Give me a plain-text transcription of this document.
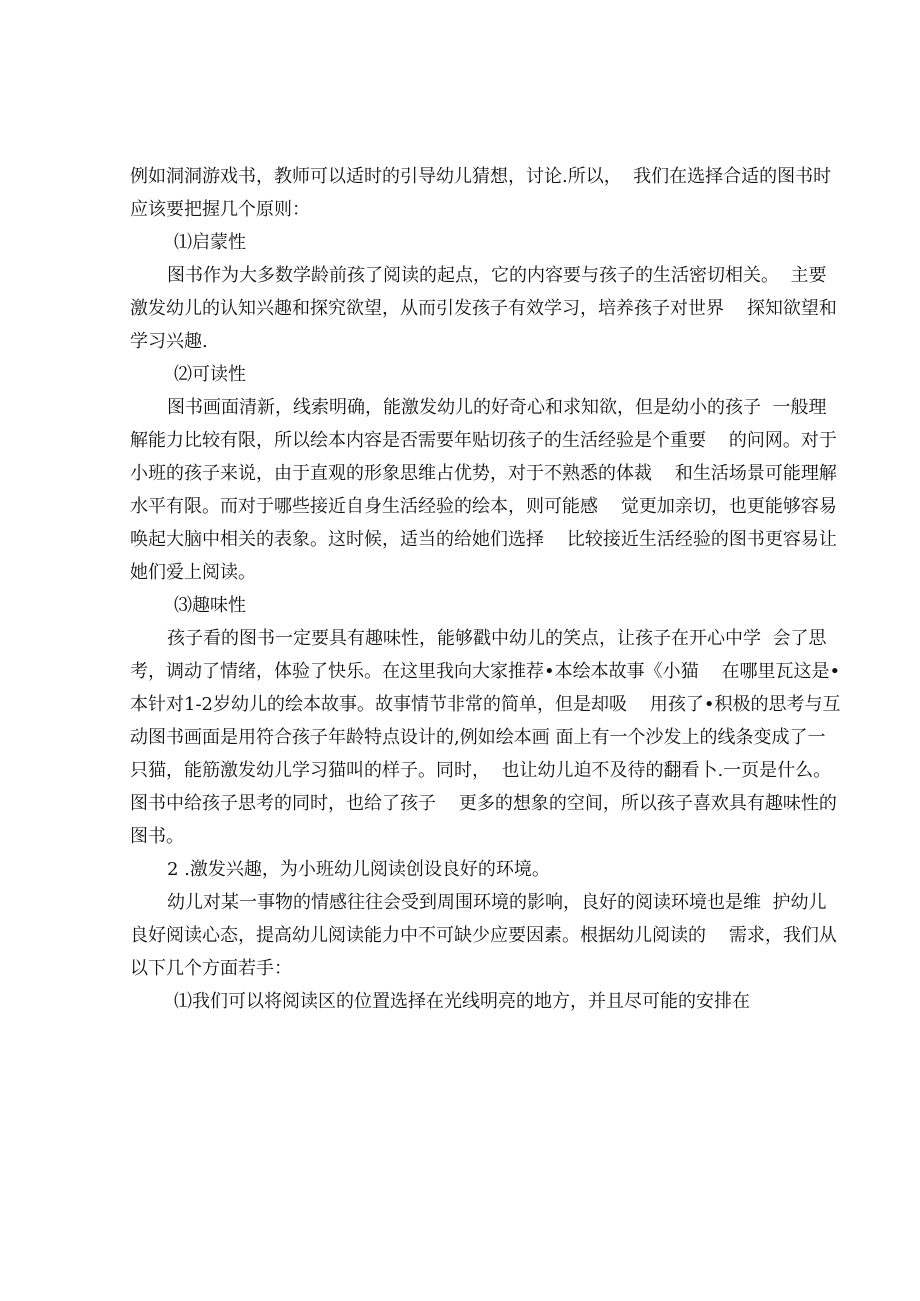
例如洞洞游戏书，教师可以适时的引导幼儿猜想，讨论.所以，  我们在选择合适的图书时

应该要把握几个原则：

⑴启蒙性

图书作为大多数学龄前孩了阅读的起点，它的内容要与孩子的生活密切相关。  主要

激发幼儿的认知兴趣和探究欲望，从而引发孩子有效学习，培养孩子对世界    探知欲望和

学习兴趣.

⑵可读性

图书画面清新，线索明确，能激发幼儿的好奇心和求知欲，但是幼小的孩子  一般理

解能力比较有限，所以绘本内容是否需要年贴切孩子的生活经验是个重要    的问网。对于

小班的孩子来说，由于直观的形象思维占优势，对于不熟悉的体裁    和生活场景可能理解

水平有限。而对于哪些接近自身生活经验的绘本，则可能感    觉更加亲切，也更能够容易

唤起大脑中相关的表象。这时候，适当的给她们选择    比较接近生活经验的图书更容易让

她们爱上阅读。

⑶趣味性

孩子看的图书一定要具有趣味性，能够戳中幼儿的笑点，让孩子在开心中学  会了思

考，调动了情绪，体验了快乐。在这里我向大家推荐•本绘本故事《小猫    在哪里瓦这是•

本针对1-2岁幼儿的绘本故事。故事情节非常的简单，但是却吸    用孩了•积极的思考与互

动图书画面是用符合孩子年龄特点设计的,例如绘本画 面上有一个沙发上的线条变成了一

只猫，能筋激发幼儿学习猫叫的样子。同时，  也让幼儿迫不及待的翻看卜.一页是什么。

图书中给孩子思考的同时，也给了孩子    更多的想象的空间，所以孩子喜欢具有趣味性的

图书。

2 .激发兴趣，为小班幼儿阅读创设良好的环境。

幼儿对某一事物的情感往往会受到周围环境的影响，良好的阅读环境也是维  护幼儿

良好阅读心态，提高幼儿阅读能力中不可缺少应要因素。根据幼儿阅读的    需求，我们从

以下几个方面若手：

⑴我们可以将阅读区的位置选择在光线明亮的地方，并且尽可能的安排在
